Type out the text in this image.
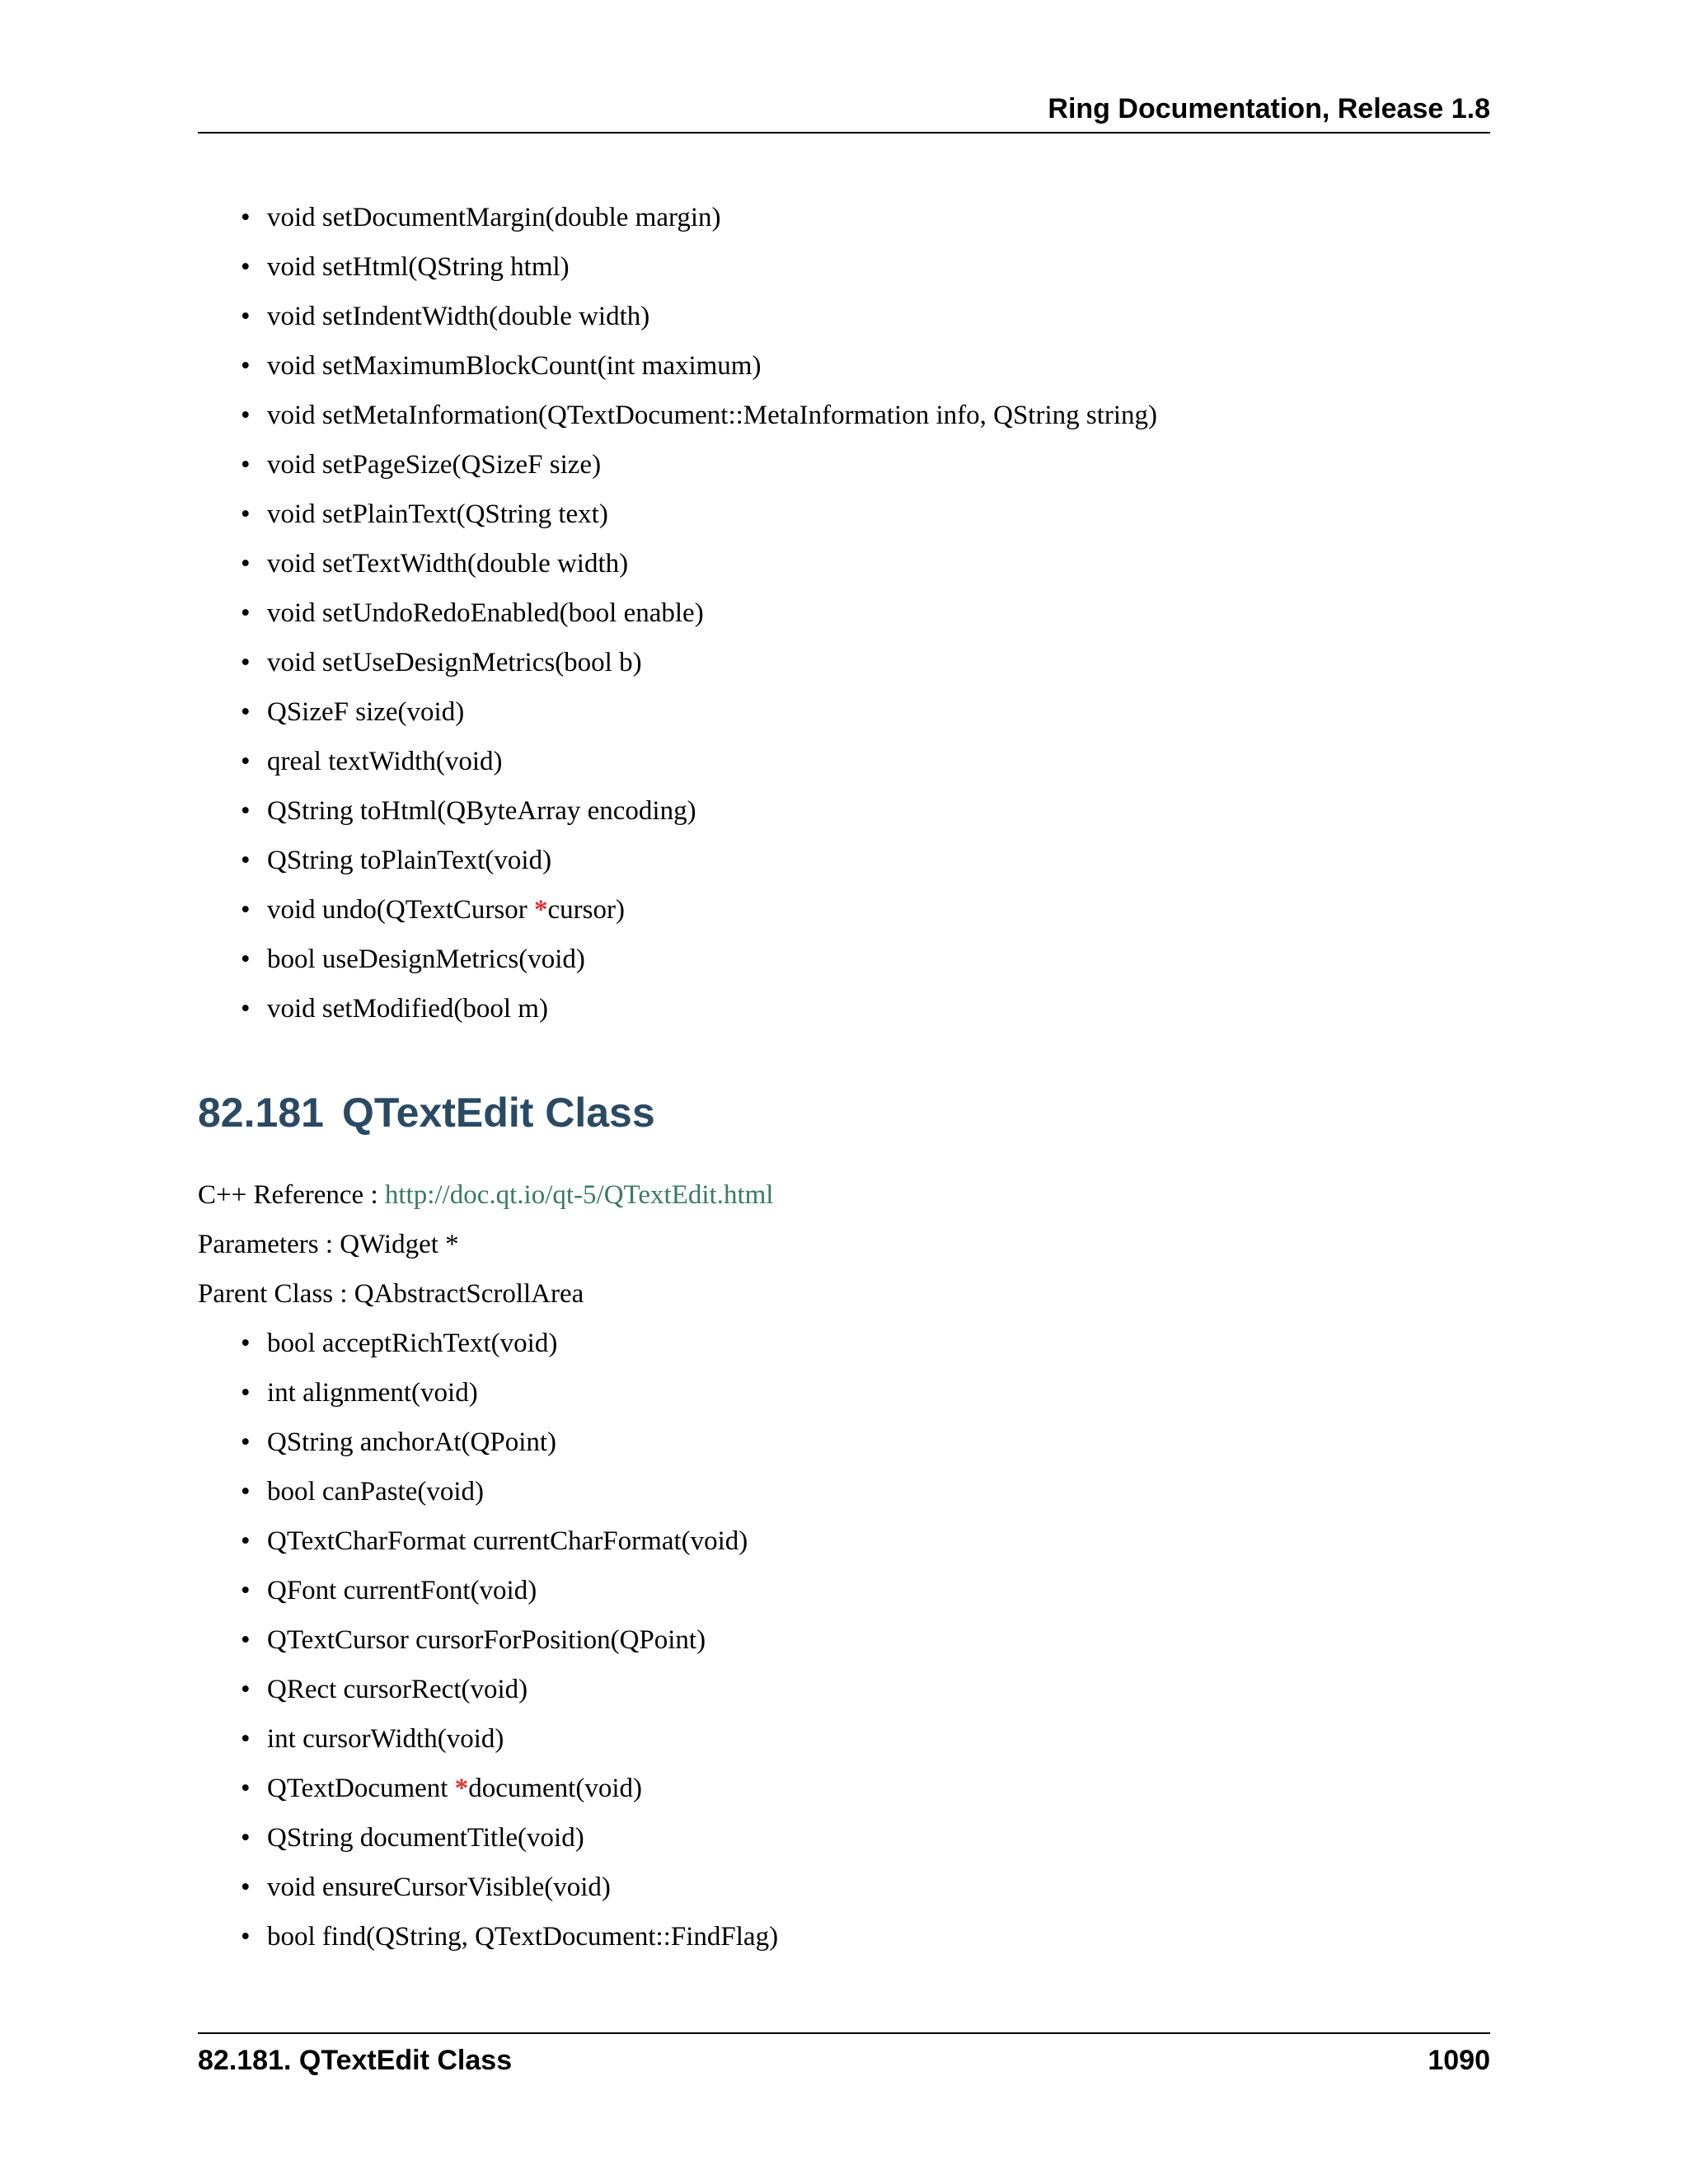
Ring Documentation, Release 1.8
• void setDocumentMargin(double margin)
• void setHtml(QString html)
• void setIndentWidth(double width)
• void setMaximumBlockCount(int maximum)
• void setMetaInformation(QTextDocument::MetaInformation info, QString string)
• void setPageSize(QSizeF size)
• void setPlainText(QString text)
• void setTextWidth(double width)
• void setUndoRedoEnabled(bool enable)
• void setUseDesignMetrics(bool b)
• QSizeF size(void)
• qreal textWidth(void)
• QString toHtml(QByteArray encoding)
• QString toPlainText(void)
• void undo(QTextCursor *cursor)
• bool useDesignMetrics(void)
• void setModified(bool m)
82.181 QTextEdit Class
C++ Reference : http://doc.qt.io/qt-5/QTextEdit.html
Parameters : QWidget *
Parent Class : QAbstractScrollArea
• bool acceptRichText(void)
• int alignment(void)
• QString anchorAt(QPoint)
• bool canPaste(void)
• QTextCharFormat currentCharFormat(void)
• QFont currentFont(void)
• QTextCursor cursorForPosition(QPoint)
• QRect cursorRect(void)
• int cursorWidth(void)
• QTextDocument *document(void)
• QString documentTitle(void)
• void ensureCursorVisible(void)
• bool find(QString, QTextDocument::FindFlag)
82.181. QTextEdit Class	1090
